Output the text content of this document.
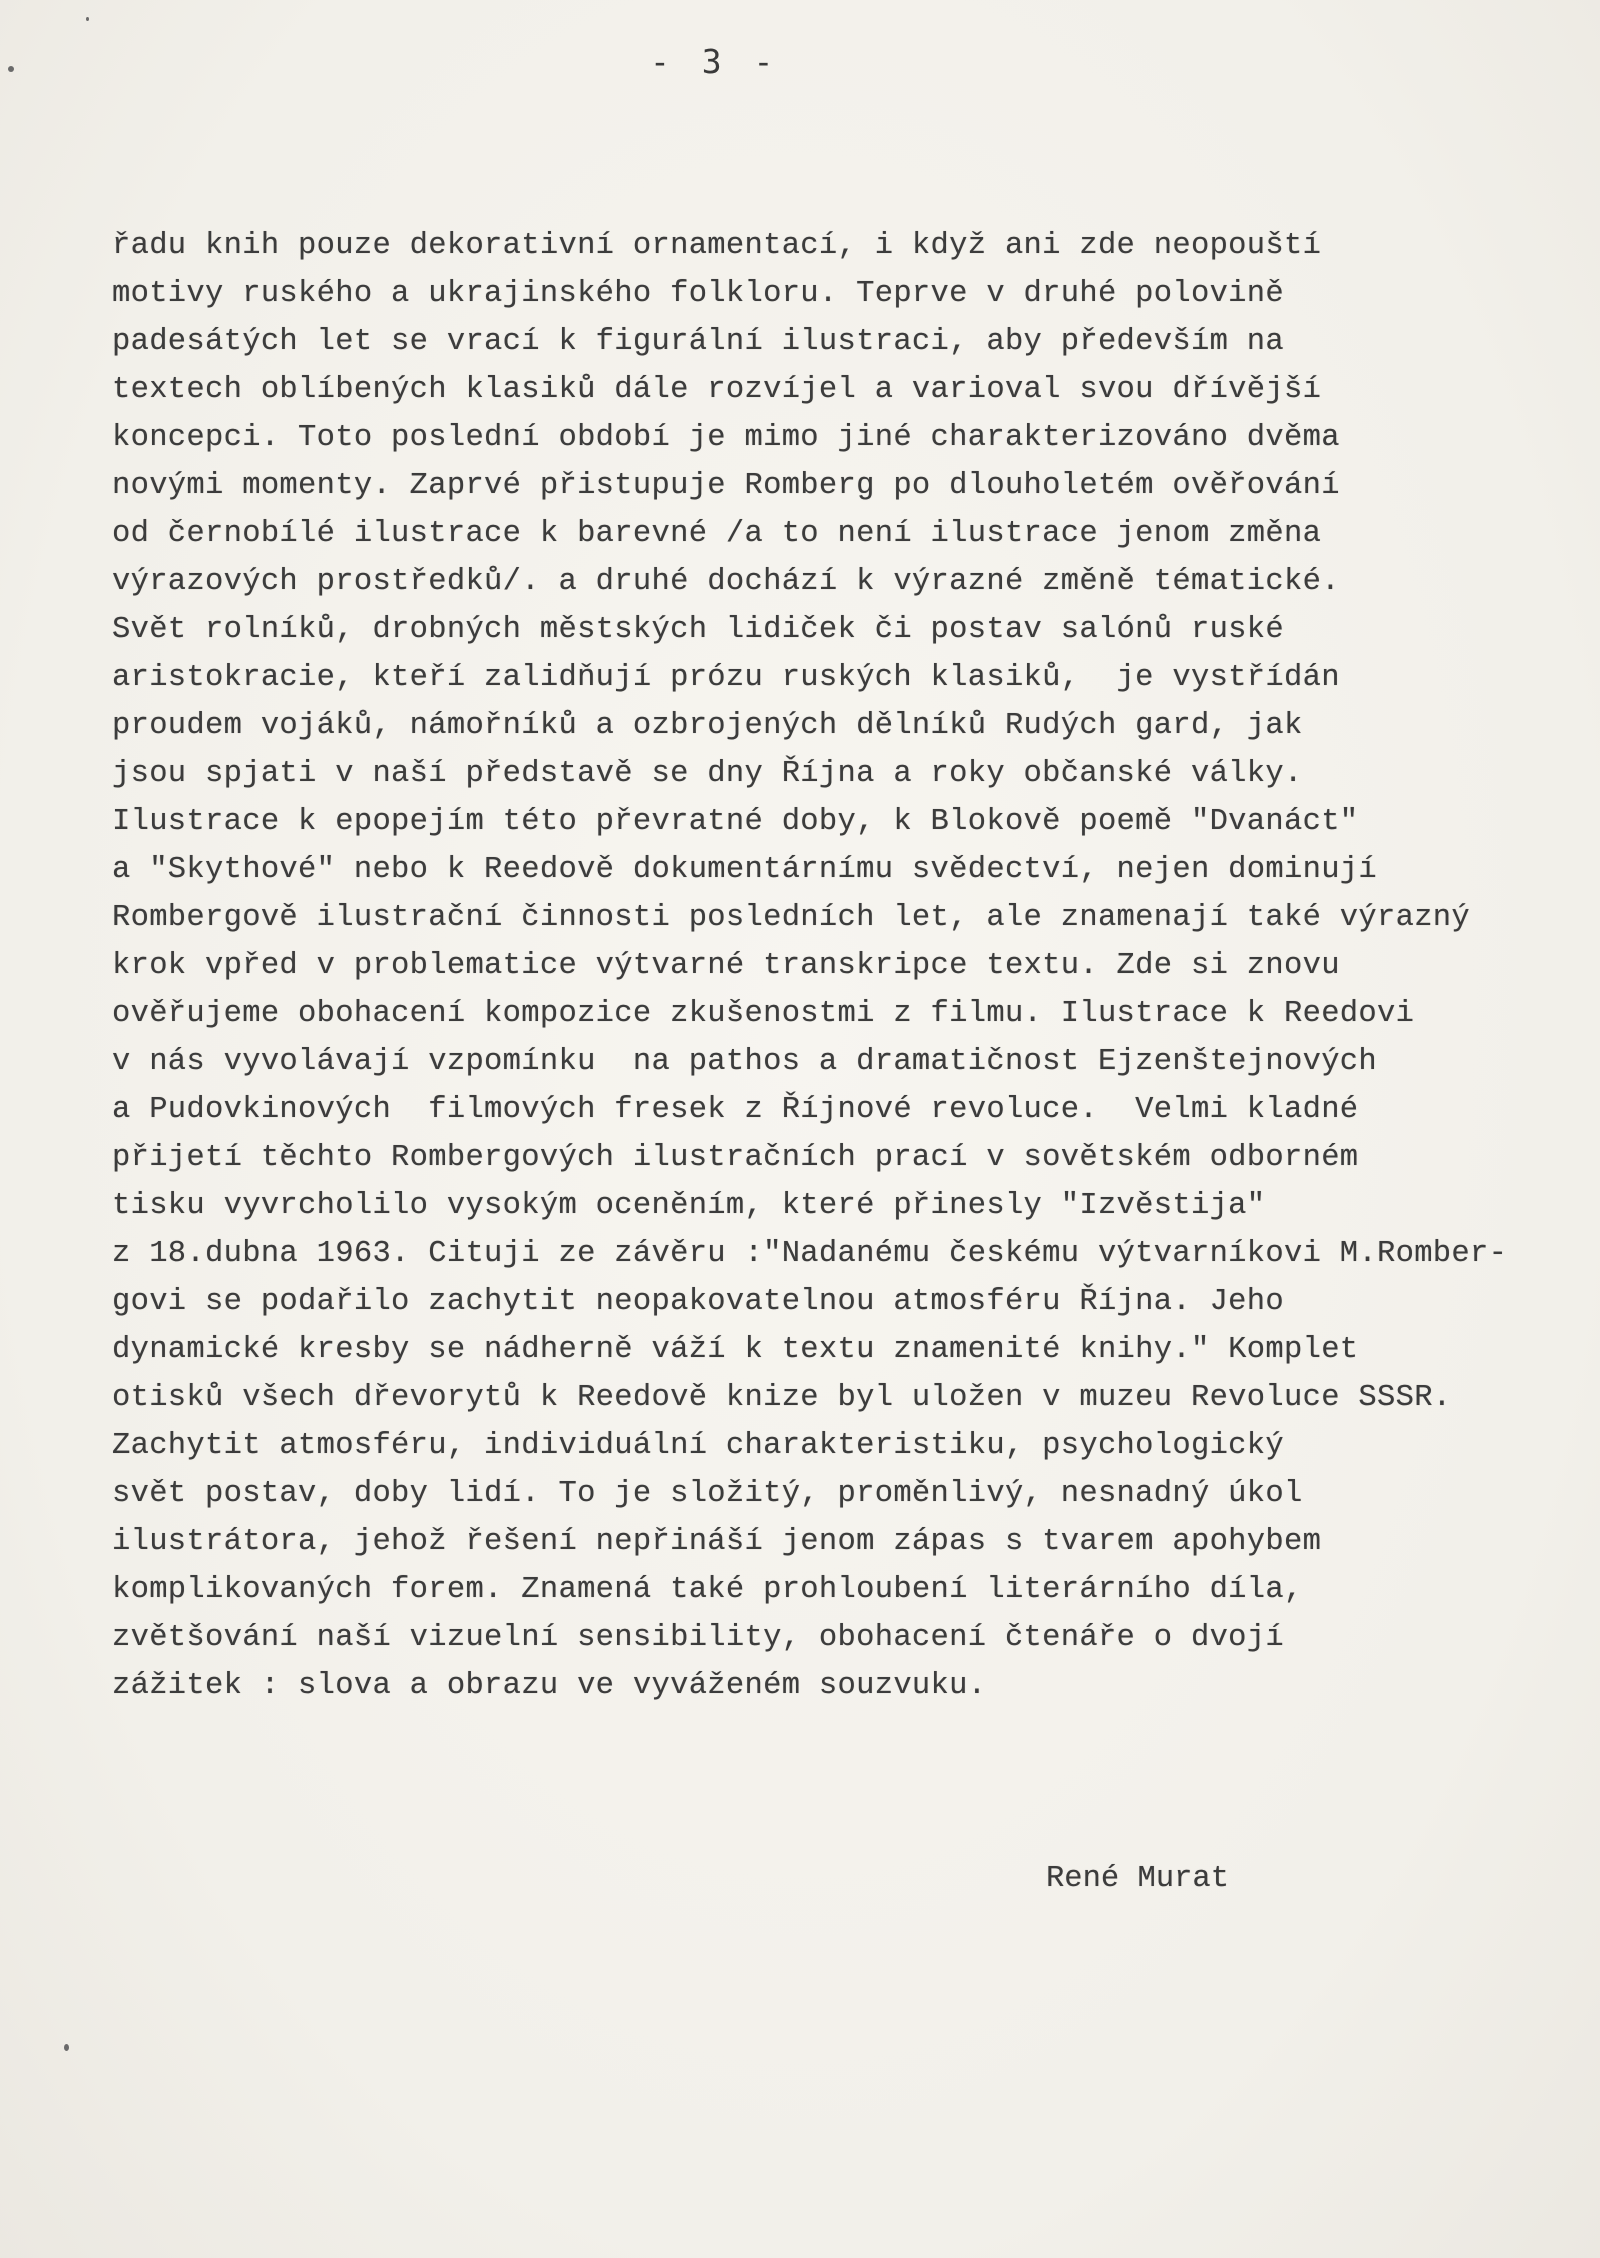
- 3 -
řadu knih pouze dekorativní ornamentací, i když ani zde neopouští
motivy ruského a ukrajinského folkloru. Teprve v druhé polovině
padesátých let se vrací k figurální ilustraci, aby především na
textech oblíbených klasiků dále rozvíjel a varioval svou dřívější
koncepci. Toto poslední období je mimo jiné charakterizováno dvěma
novými momenty. Zaprvé přistupuje Romberg po dlouholetém ověřování
od černobílé ilustrace k barevné /a to není ilustrace jenom změna
výrazových prostředků/. a druhé dochází k výrazné změně tématické.
Svět rolníků, drobných městských lidiček či postav salónů ruské
aristokracie, kteří zalidňují prózu ruských klasiků,  je vystřídán
proudem vojáků, námořníků a ozbrojených dělníků Rudých gard, jak
jsou spjati v naší představě se dny Října a roky občanské války.
Ilustrace k epopejím této převratné doby, k Blokově poemě "Dvanáct"
a "Skythové" nebo k Reedově dokumentárnímu svědectví, nejen dominují
Rombergově ilustrační činnosti posledních let, ale znamenají také výrazný
krok vpřed v problematice výtvarné transkripce textu. Zde si znovu
ověřujeme obohacení kompozice zkušenostmi z filmu. Ilustrace k Reedovi
v nás vyvolávají vzpomínku  na pathos a dramatičnost Ejzenštejnových
a Pudovkinových  filmových fresek z Říjnové revoluce.  Velmi kladné
přijetí těchto Rombergových ilustračních prací v sovětském odborném
tisku vyvrcholilo vysokým oceněním, které přinesly "Izvěstija"
z 18.dubna 1963. Cituji ze závěru :"Nadanému českému výtvarníkovi M.Romber-
govi se podařilo zachytit neopakovatelnou atmosféru Října. Jeho
dynamické kresby se nádherně váží k textu znamenité knihy." Komplet
otisků všech dřevorytů k Reedově knize byl uložen v muzeu Revoluce SSSR.
Zachytit atmosféru, individuální charakteristiku, psychologický
svět postav, doby lidí. To je složitý, proměnlivý, nesnadný úkol
ilustrátora, jehož řešení nepřináší jenom zápas s tvarem apohybem
komplikovaných forem. Znamená také prohloubení literárního díla,
zvětšování naší vizuelní sensibility, obohacení čtenáře o dvojí
zážitek : slova a obrazu ve vyváženém souzvuku.
René Murat
